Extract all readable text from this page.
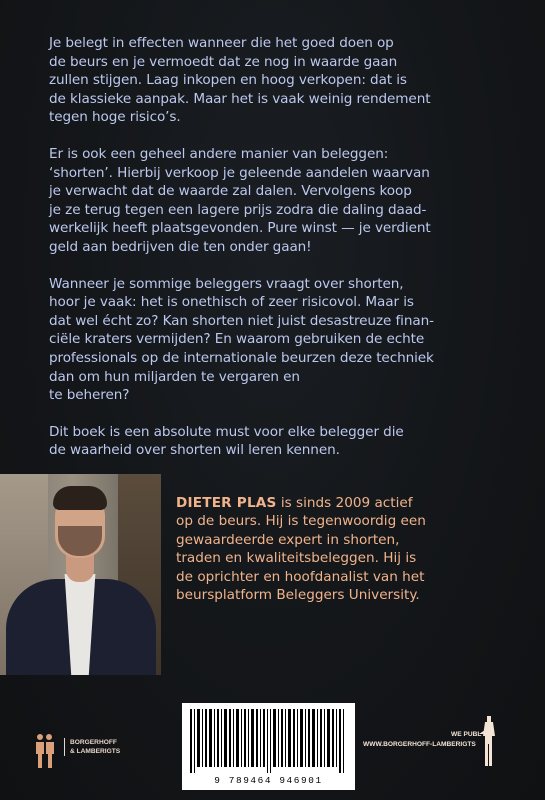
Je belegt in effecten wanneer die het goed doen op
de beurs en je vermoedt dat ze nog in waarde gaan
zullen stijgen. Laag inkopen en hoog verkopen: dat is
de klassieke aanpak. Maar het is vaak weinig rendement
tegen hoge risico’s.

Er is ook een geheel andere manier van beleggen:
‘shorten’. Hierbij verkoop je geleende aandelen waarvan
je verwacht dat de waarde zal dalen. Vervolgens koop
je ze terug tegen een lagere prijs zodra die daling daad-
werkelijk heeft plaatsgevonden. Pure winst — je verdient
geld aan bedrijven die ten onder gaan!

Wanneer je sommige beleggers vraagt over shorten,
hoor je vaak: het is onethisch of zeer risicovol. Maar is
dat wel écht zo? Kan shorten niet juist desastreuze finan-
ciële kraters vermijden? En waarom gebruiken de echte
professionals op de internationale beurzen deze techniek
dan om hun miljarden te vergaren en
te beheren?

Dit boek is een absolute must voor elke belegger die
de waarheid over shorten wil leren kennen.

DIETER PLAS is sinds 2009 actief
op de beurs. Hij is tegenwoordig een
gewaardeerde expert in shorten,
traden en kwaliteitsbeleggen. Hij is
de oprichter en hoofdanalist van het
beursplatform Beleggers University.
BORGERHOFF
& LAMBERIGTS
9 789464 946901
WE PUBL
WWW.BORGERHOFF-LAMBERIGTS
